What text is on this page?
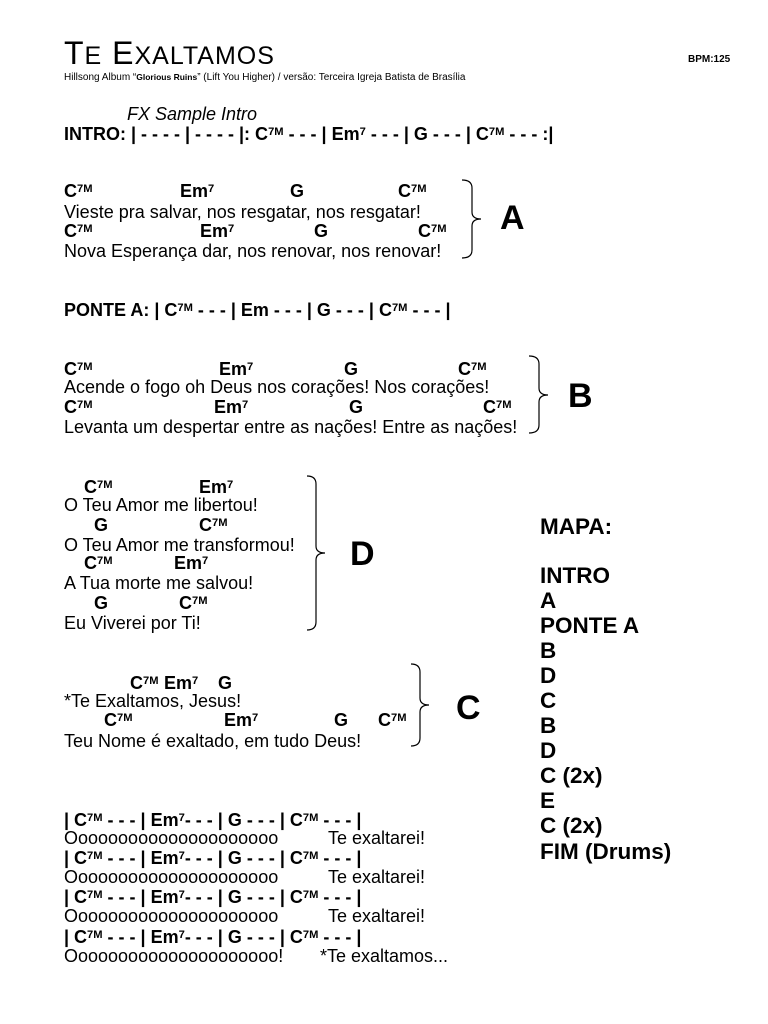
TE EXALTAMOS	BPM:125
Hillsong Album “Glorious Ruins” (Lift You Higher) / versão: Terceira Igreja Batista de Brasília
FX Sample Intro
INTRO: | - - - - | - - - - |: $C^{7M}$ - - - | Em$^7$ - - - | G - - - | $C^{7M}$ - - - :|

$C^{7M}$

	Em$^7$

	G

	$C^{7M}$

Vieste pra salvar, nos resgatar, nos resgatar!

$C^{7M}$

	Em$^7$

	G

	$C^{7M}$

Nova Esperança dar, nos renovar, nos renovar!
A
PONTE A: | $C^{7M}$ - - - | Em - - - | G - - - | $C^{7M}$ - - - |

$C^{7M}$

	Em$^7$

	G

	$C^{7M}$

Acende o fogo oh Deus nos corações! Nos corações!

$C^{7M}$

	Em$^7$

	G

	$C^{7M}$

Levanta um despertar entre as nações! Entre as nações!
B

$C^{7M}$

	Em$^7$

O Teu Amor me libertou!

G

	$C^{7M}$

O Teu Amor me transformou!

$C^{7M}$

	Em$^7$

A Tua morte me salvou!

G

	$C^{7M}$

Eu Viverei por Ti!
D

$C^{7M}$

Em$^7$

G

*Te Exaltamos, Jesus!

$C^{7M}$

	Em$^7$

	G

$C^{7M}$

Teu Nome é exaltado, em tudo Deus!
C
MAPA:
INTRO
A
PONTE A
B
D
C
B
D
C (2x)
E
C (2x)
FIM (Drums)
| $C^{7M}$ - - - | Em$^7$- - - | G - - - | $C^{7M}$ - - - |

Ooooooooooooooooooooo

	Te exaltarei!

| $C^{7M}$ - - - | Em$^7$- - - | G - - - | $C^{7M}$ - - - |

Ooooooooooooooooooooo

	Te exaltarei!

| $C^{7M}$ - - - | Em$^7$- - - | G - - - | $C^{7M}$ - - - |

Ooooooooooooooooooooo

	Te exaltarei!

| $C^{7M}$ - - - | Em$^7$- - - | G - - - | $C^{7M}$ - - - |

Ooooooooooooooooooooo!

*Te exaltamos...
